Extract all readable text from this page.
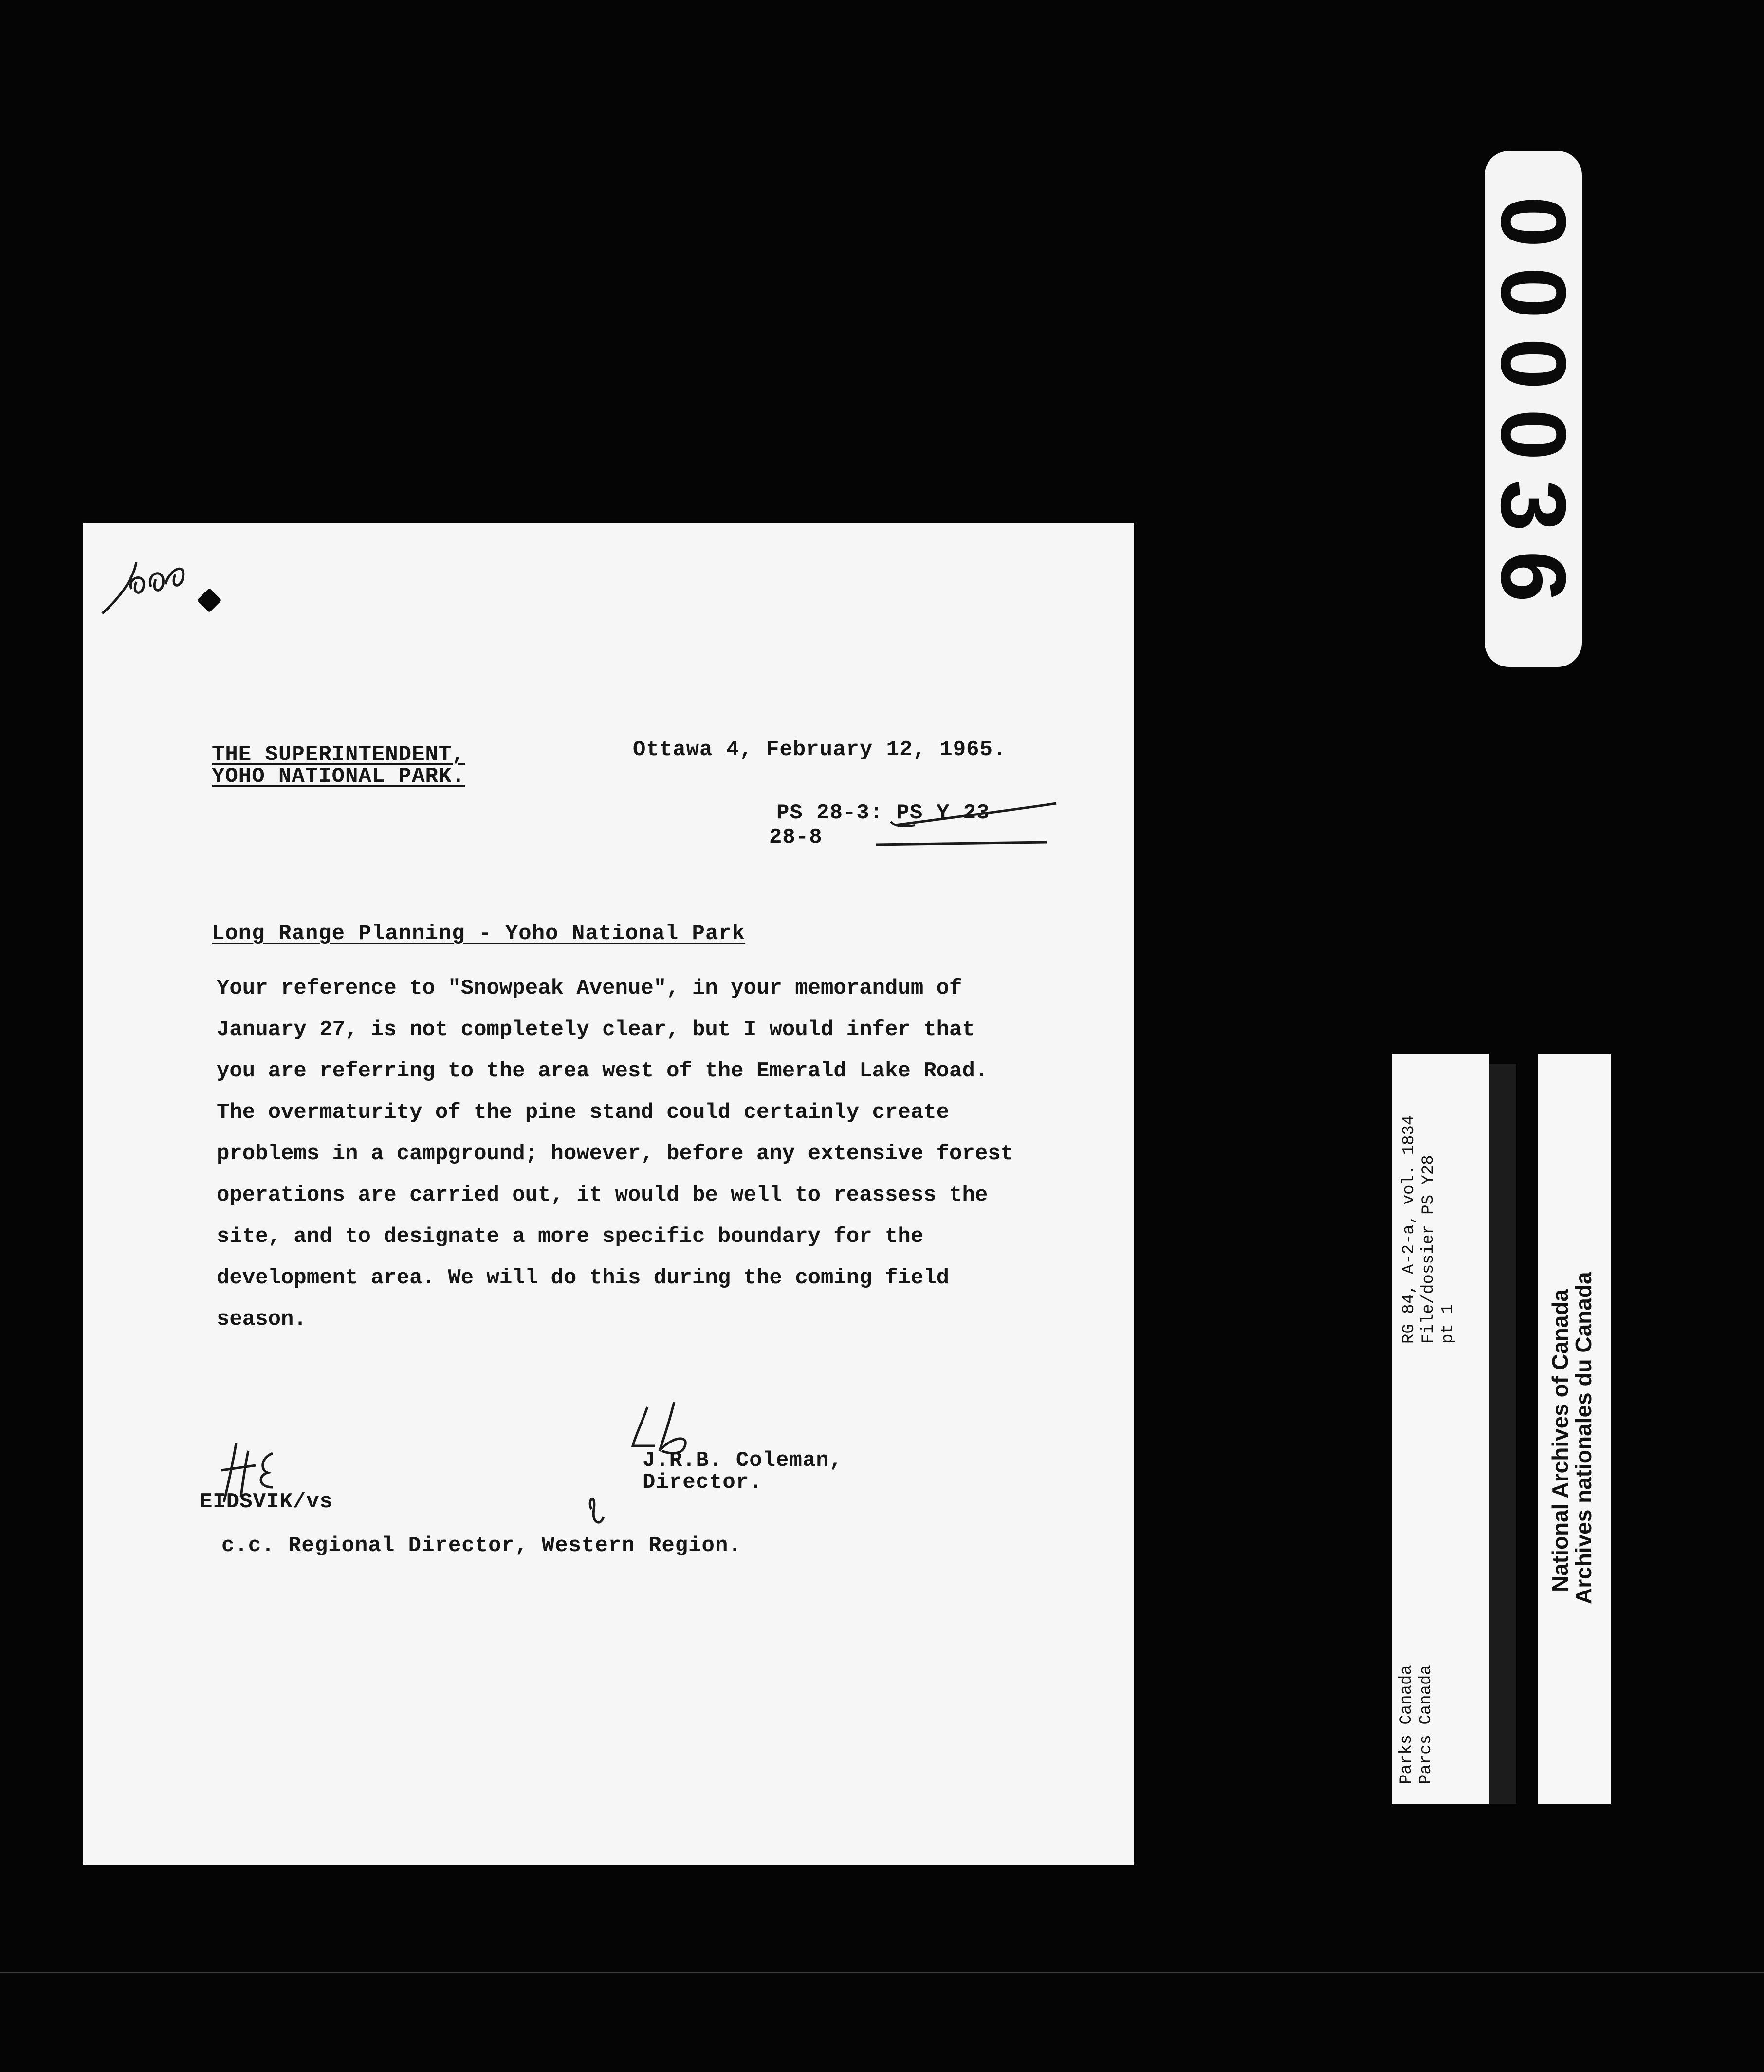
000036
THE SUPERINTENDENT,
YOHO NATIONAL PARK.
Ottawa 4, February 12, 1965.
PS 28-3: PS Y 23
28-8
Long Range Planning - Yoho National Park
Your reference to "Snowpeak Avenue", in your memorandum of
January 27, is not completely clear, but I would infer that
you are referring to the area west of the Emerald Lake Road.
The overmaturity of the pine stand could certainly create
problems in a campground; however, before any extensive forest
operations are carried out, it would be well to reassess the
site, and to designate a more specific boundary for the
development area. We will do this during the coming field
season.
J.R.B. Coleman,
Director.
EIDSVIK/vs
c.c. Regional Director, Western Region.
Parks Canada Parcs Canada
RG 84, A-2-a, vol. 1834 File/dossier PS Y28 pt 1	National Archives of Canada
Archives nationales du Canada
